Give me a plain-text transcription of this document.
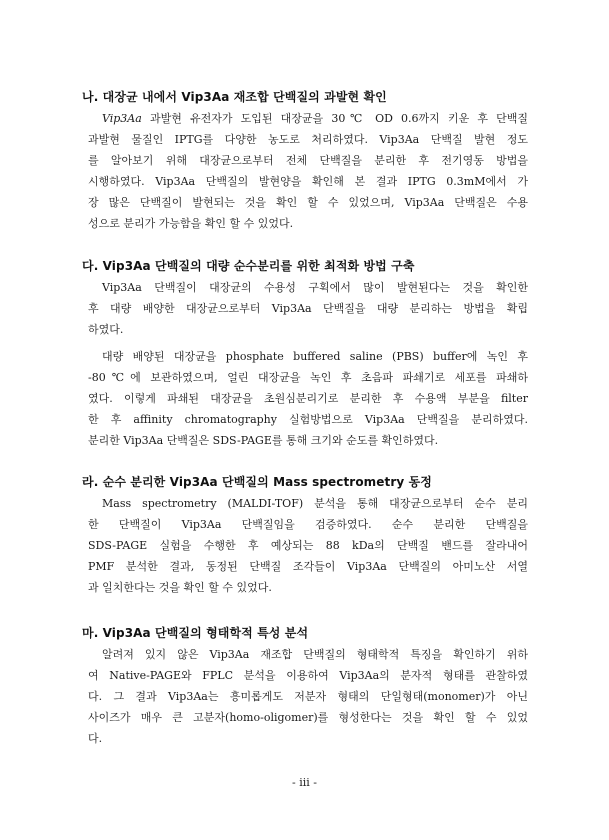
나. 대장균 내에서 Vip3Aa 재조합 단백질의 과발현 확인
Vip3Aa 과발현 유전자가 도입된 대장균을 30℃ OD 0.6까지 키운 후 단백질
과발현 물질인 IPTG를 다양한 농도로 처리하였다. Vip3Aa 단백질 발현 정도
를 알아보기 위해 대장균으로부터 전체 단백질을 분리한 후 전기영동 방법을
시행하였다. Vip3Aa 단백질의 발현양을 확인해 본 결과 IPTG 0.3mM에서 가
장 많은 단백질이 발현되는 것을 확인 할 수 있었으며, Vip3Aa 단백질은 수용
성으로 분리가 가능함을 확인 할 수 있었다.
다. Vip3Aa 단백질의 대량 순수분리를 위한 최적화 방법 구축
Vip3Aa 단백질이 대장균의 수용성 구획에서 많이 발현된다는 것을 확인한
후 대량 배양한 대장균으로부터 Vip3Aa 단백질을 대량 분리하는 방법을 확립
하였다.
대량 배양된 대장균을 phosphate buffered saline (PBS) buffer에 녹인 후
-80℃에 보관하였으며, 얼린 대장균을 녹인 후 초음파 파쇄기로 세포를 파쇄하
였다. 이렇게 파쇄된 대장균을 초원심분리기로 분리한 후 수용액 부분을 filter
한 후 affinity chromatography 실험방법으로 Vip3Aa 단백질을 분리하였다.
분리한 Vip3Aa 단백질은 SDS-PAGE를 통해 크기와 순도를 확인하였다.
라. 순수 분리한 Vip3Aa 단백질의 Mass spectrometry 동정
Mass spectrometry (MALDI-TOF) 분석을 통해 대장균으로부터 순수 분리
한 단백질이 Vip3Aa 단백질임을 검증하였다. 순수 분리한 단백질을
SDS-PAGE 실험을 수행한 후 예상되는 88 kDa의 단백질 밴드를 잘라내어
PMF 분석한 결과, 동정된 단백질 조각들이 Vip3Aa 단백질의 아미노산 서열
과 일치한다는 것을 확인 할 수 있었다.
마. Vip3Aa 단백질의 형태학적 특성 분석
알려져 있지 않은 Vip3Aa 재조합 단백질의 형태학적 특징을 확인하기 위하
여 Native-PAGE와 FPLC 분석을 이용하여 Vip3Aa의 분자적 형태를 관찰하였
다. 그 결과 Vip3Aa는 흥미롭게도 저분자 형태의 단일형태(monomer)가 아닌
사이즈가 매우 큰 고분자(homo-oligomer)를 형성한다는 것을 확인 할 수 있었
다.
- iii -
